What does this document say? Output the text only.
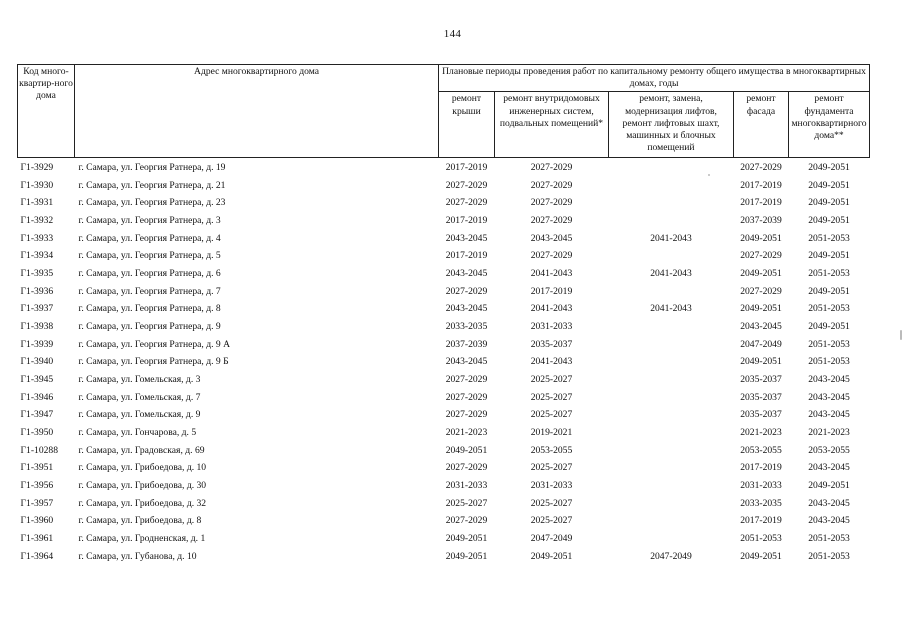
144
Код много-квартир-ного дома	Адрес многоквартирного дома	Плановые периоды проведения работ по капитальному ремонту общего имущества в многоквартирных домах, годы				
		ремонт крыши	ремонт внутридомовых инженерных систем, подвальных помещений*	ремонт, замена, модернизация лифтов, ремонт лифтовых шахт, машинных и блочных помещений	ремонт фасада	ремонт фундамента многоквартирного дома**
Г1-3929	г. Самара, ул. Георгия Ратнера, д. 19	2017-2019	2027-2029		2027-2029	2049-2051
Г1-3930	г. Самара, ул. Георгия Ратнера, д. 21	2027-2029	2027-2029		2017-2019	2049-2051
Г1-3931	г. Самара, ул. Георгия Ратнера, д. 23	2027-2029	2027-2029		2017-2019	2049-2051
Г1-3932	г. Самара, ул. Георгия Ратнера, д. 3	2017-2019	2027-2029		2037-2039	2049-2051
Г1-3933	г. Самара, ул. Георгия Ратнера, д. 4	2043-2045	2043-2045	2041-2043	2049-2051	2051-2053
Г1-3934	г. Самара, ул. Георгия Ратнера, д. 5	2017-2019	2027-2029		2027-2029	2049-2051
Г1-3935	г. Самара, ул. Георгия Ратнера, д. 6	2043-2045	2041-2043	2041-2043	2049-2051	2051-2053
Г1-3936	г. Самара, ул. Георгия Ратнера, д. 7	2027-2029	2017-2019		2027-2029	2049-2051
Г1-3937	г. Самара, ул. Георгия Ратнера, д. 8	2043-2045	2041-2043	2041-2043	2049-2051	2051-2053
Г1-3938	г. Самара, ул. Георгия Ратнера, д. 9	2033-2035	2031-2033		2043-2045	2049-2051
Г1-3939	г. Самара, ул. Георгия Ратнера, д. 9 А	2037-2039	2035-2037		2047-2049	2051-2053
Г1-3940	г. Самара, ул. Георгия Ратнера, д. 9 Б	2043-2045	2041-2043		2049-2051	2051-2053
Г1-3945	г. Самара, ул. Гомельская, д. 3	2027-2029	2025-2027		2035-2037	2043-2045
Г1-3946	г. Самара, ул. Гомельская, д. 7	2027-2029	2025-2027		2035-2037	2043-2045
Г1-3947	г. Самара, ул. Гомельская, д. 9	2027-2029	2025-2027		2035-2037	2043-2045
Г1-3950	г. Самара, ул. Гончарова, д. 5	2021-2023	2019-2021		2021-2023	2021-2023
Г1-10288	г. Самара, ул. Градовская, д. 69	2049-2051	2053-2055		2053-2055	2053-2055
Г1-3951	г. Самара, ул. Грибоедова, д. 10	2027-2029	2025-2027		2017-2019	2043-2045
Г1-3956	г. Самара, ул. Грибоедова, д. 30	2031-2033	2031-2033		2031-2033	2049-2051
Г1-3957	г. Самара, ул. Грибоедова, д. 32	2025-2027	2025-2027		2033-2035	2043-2045
Г1-3960	г. Самара, ул. Грибоедова, д. 8	2027-2029	2025-2027		2017-2019	2043-2045
Г1-3961	г. Самара, ул. Гродненская, д. 1	2049-2051	2047-2049		2051-2053	2051-2053
Г1-3964	г. Самара, ул. Губанова, д. 10	2049-2051	2049-2051	2047-2049	2049-2051	2051-2053
